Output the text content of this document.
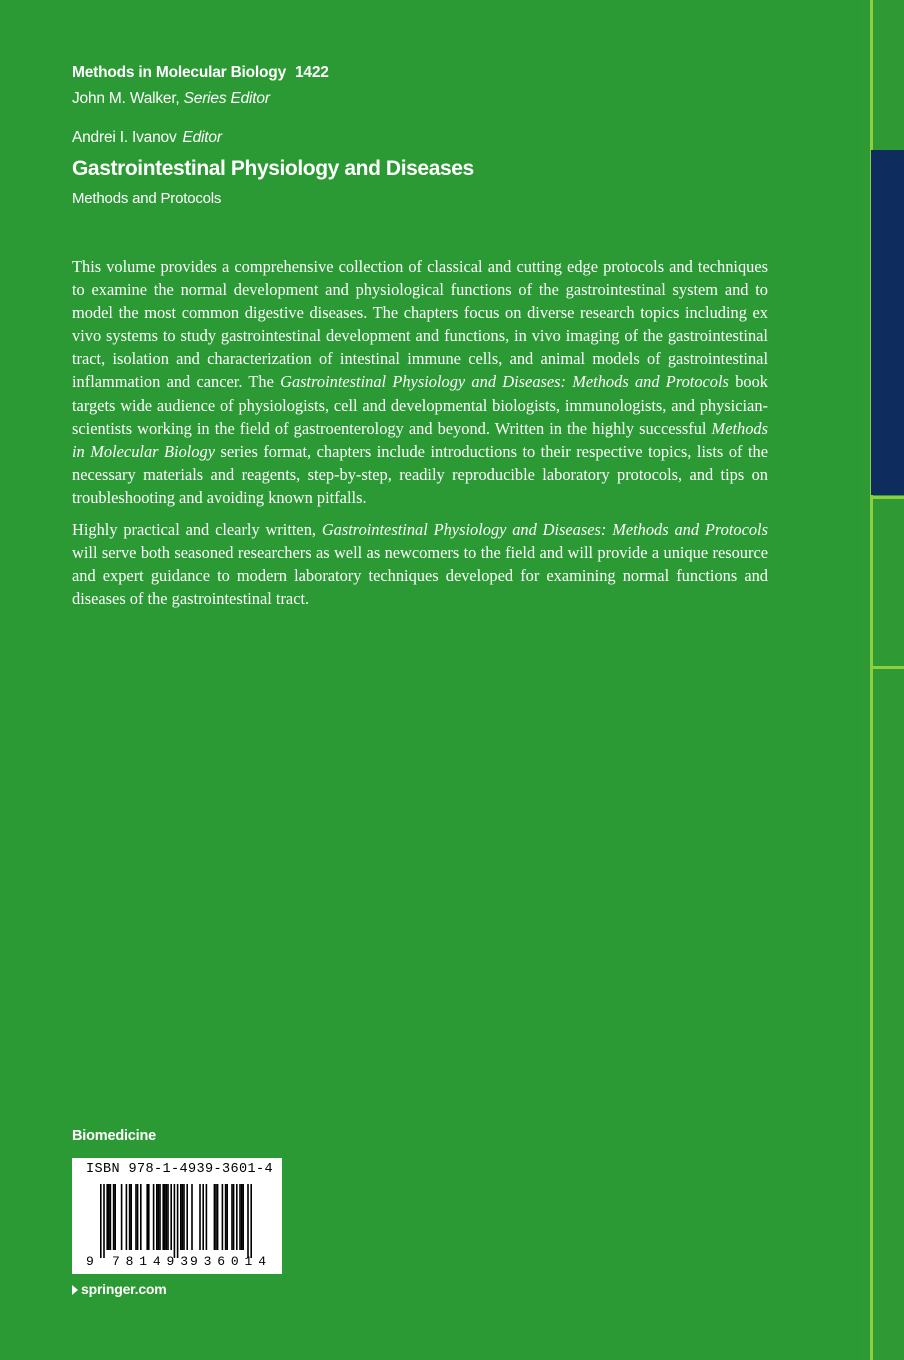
Methods in Molecular Biology 1422
John M. Walker, Series Editor
Andrei I. Ivanov Editor
Gastrointestinal Physiology and Diseases
Methods and Protocols

This volume provides a comprehensive collection of classical and cutting edge protocols and techniques to examine the normal development and physiological functions of the gastrointestinal system and to model the most common digestive diseases. The chapters focus on diverse research topics including ex vivo systems to study gastrointestinal development and functions, in vivo imaging of the gastrointestinal tract, isolation and characterization of intestinal immune cells, and animal models of gastrointestinal inflammation and cancer. The Gastrointestinal Physiology and Diseases: Methods and Protocols book targets wide audience of physiologists, cell and developmental biologists, immunologists, and physician-scientists working in the field of gastroenterology and beyond. Written in the highly successful Methods in Molecular Biology series format, chapters include introductions to their respective topics, lists of the necessary materials and reagents, step-by-step, readily reproducible laboratory protocols, and tips on troubleshooting and avoiding known pitfalls.

Highly practical and clearly written, Gastrointestinal Physiology and Diseases: Methods and Protocols will serve both seasoned researchers as well as newcomers to the field and will provide a unique resource and expert guidance to modern laboratory techniques developed for examining normal functions and diseases of the gastrointestinal tract.

Biomedicine
ISBN 978-1-4939-3601-4
9 781493 936014
springer.com
